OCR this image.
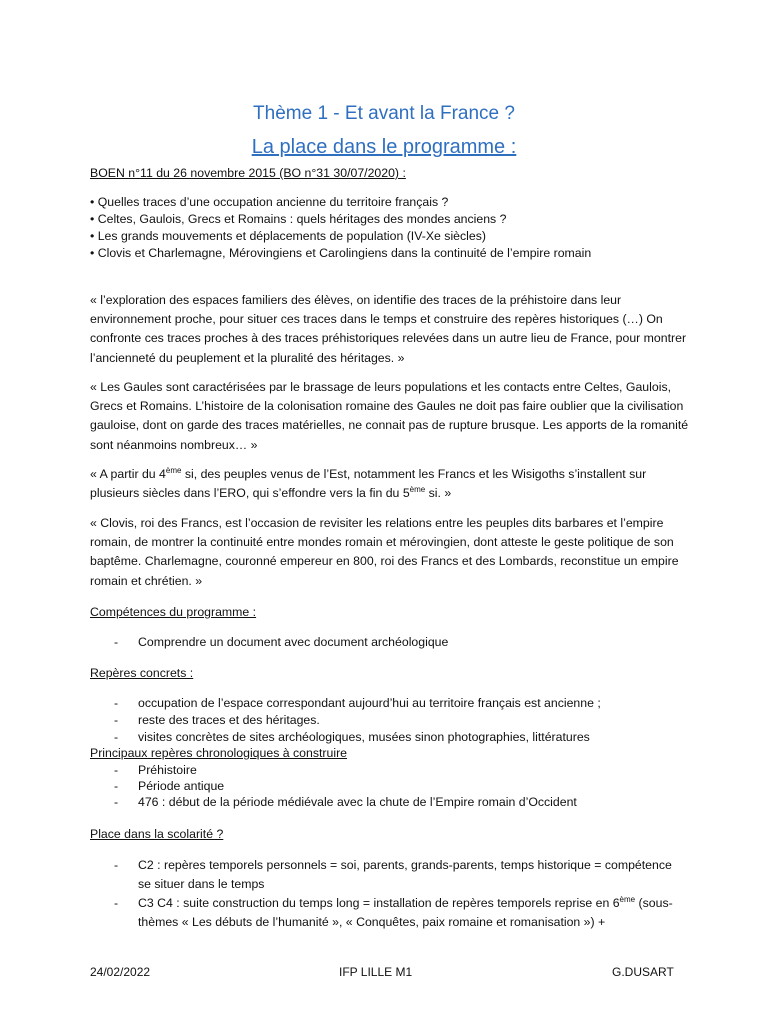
Thème 1 - Et avant la France ?
La place dans le programme :
BOEN n°11 du 26 novembre 2015 (BO n°31 30/07/2020) :
• Quelles traces d’une occupation ancienne du territoire français ?
• Celtes, Gaulois, Grecs et Romains : quels héritages des mondes anciens ?
• Les grands mouvements et déplacements de population (IV-Xe siècles)
• Clovis et Charlemagne, Mérovingiens et Carolingiens dans la continuité de l’empire romain
« l’exploration des espaces familiers des élèves, on identifie des traces de la préhistoire dans leur environnement proche, pour situer ces traces dans le temps et construire des repères historiques (…) On confronte ces traces proches à des traces préhistoriques relevées dans un autre lieu de France, pour montrer l’ancienneté du peuplement et la pluralité des héritages. »
« Les Gaules sont caractérisées par le brassage de leurs populations et les contacts entre Celtes, Gaulois, Grecs et Romains. L’histoire de la colonisation romaine des Gaules ne doit pas faire oublier que la civilisation gauloise, dont on garde des traces matérielles, ne connait pas de rupture brusque. Les apports de la romanité sont néanmoins nombreux… »
« A partir du 4ème si, des peuples venus de l’Est, notamment les Francs et les Wisigoths s’installent sur plusieurs siècles dans l’ERO, qui s’effondre vers la fin du 5ème si. »
« Clovis, roi des Francs, est l’occasion de revisiter les relations entre les peuples dits barbares et l’empire romain, de montrer la continuité entre mondes romain et mérovingien, dont atteste le geste politique de son baptême. Charlemagne, couronné empereur en 800, roi des Francs et des Lombards, reconstitue un empire romain et chrétien. »
Compétences du programme :
- Comprendre un document avec document archéologique
Repères concrets :
- occupation de l’espace correspondant aujourd’hui au territoire français est ancienne ;
- reste des traces et des héritages.
- visites concrètes de sites archéologiques, musées sinon photographies, littératures
Principaux repères chronologiques à construire
- Préhistoire
- Période antique
- 476 : début de la période médiévale avec la chute de l’Empire romain d’Occident
Place dans la scolarité ?
- C2 : repères temporels personnels = soi, parents, grands-parents, temps historique = compétence se situer dans le temps
- C3 C4 : suite construction du temps long = installation de repères temporels reprise en 6ème (sous- thèmes « Les débuts de l’humanité », « Conquêtes, paix romaine et romanisation ») +
24/02/2022	IFP LILLE M1	G.DUSART
